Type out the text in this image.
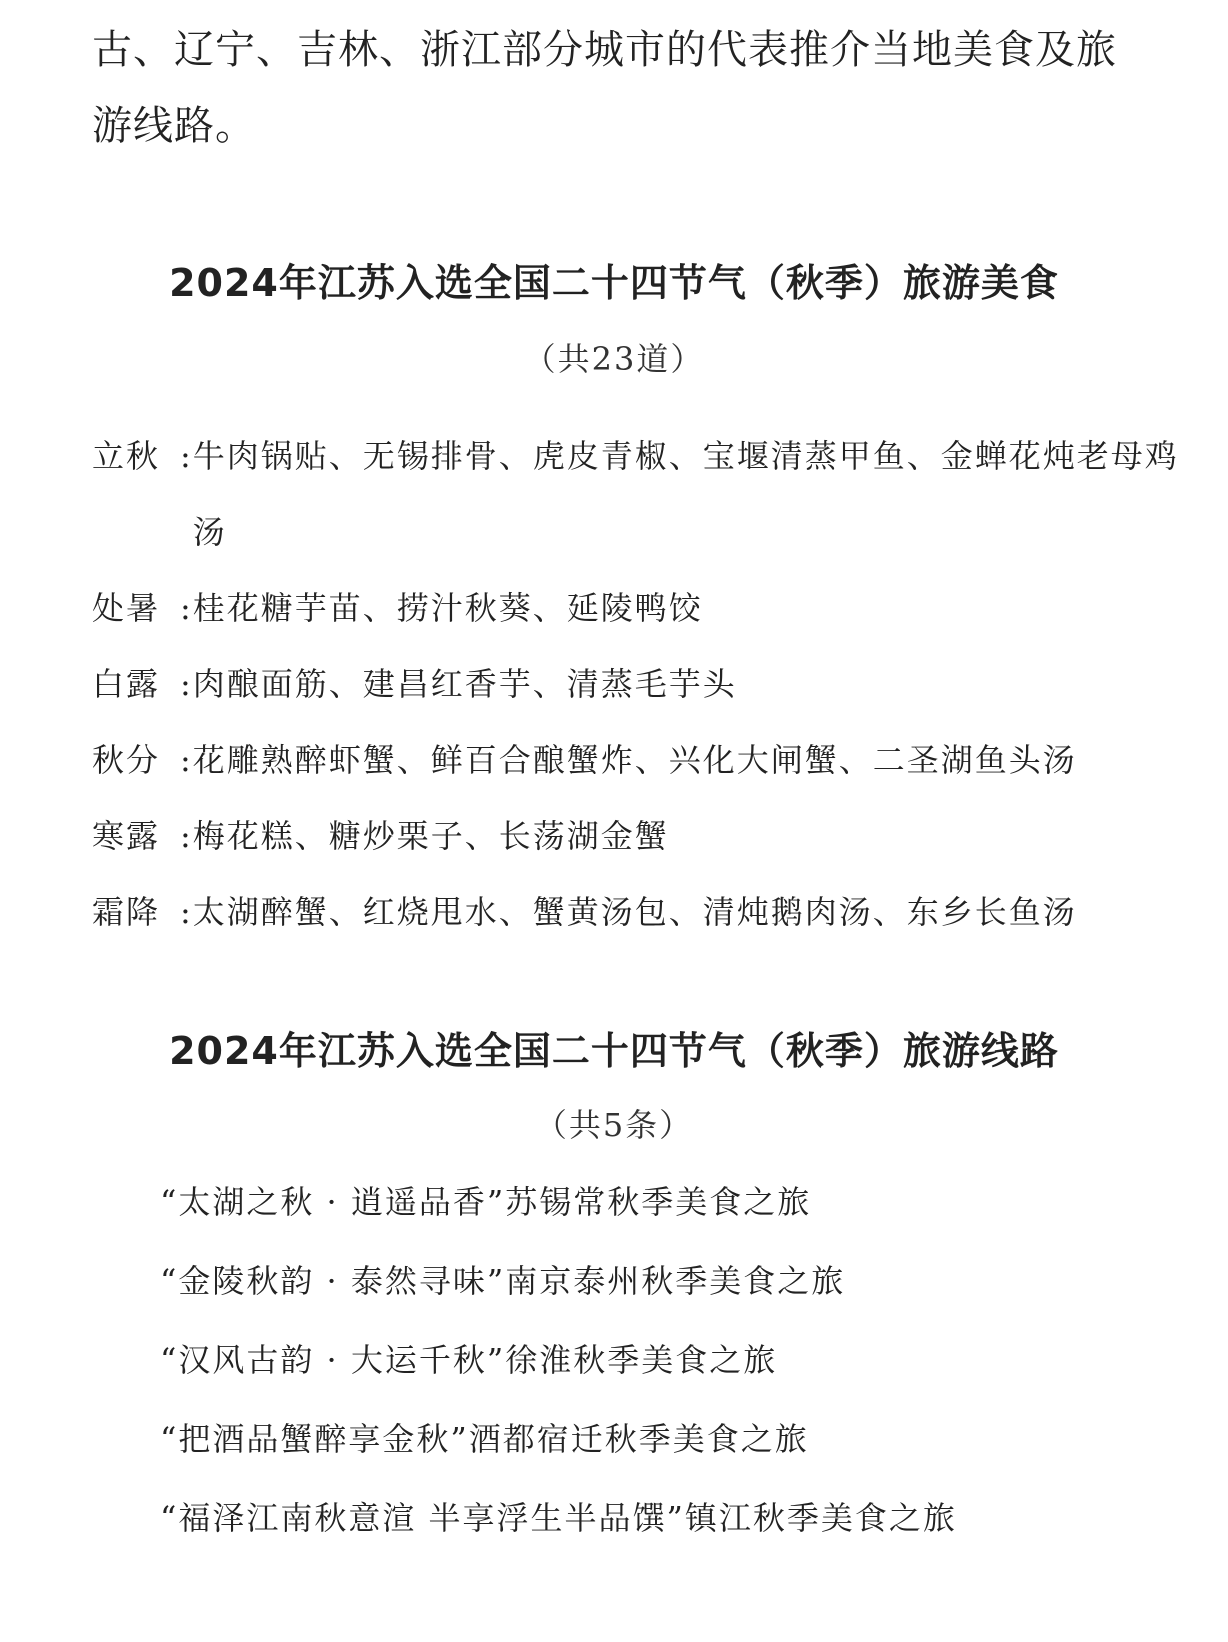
古、辽宁、吉林、浙江部分城市的代表推介当地美食及旅

游线路。

2024年江苏入选全国二十四节气（秋季）旅游美食
（共23道）
立秋 : 牛肉锅贴、无锡排骨、虎皮青椒、宝堰清蒸甲鱼、金蝉花炖老母鸡汤
处暑 : 桂花糖芋苗、捞汁秋葵、延陵鸭饺
白露 : 肉酿面筋、建昌红香芋、清蒸毛芋头
秋分 : 花雕熟醉虾蟹、鲜百合酿蟹炸、兴化大闸蟹、二圣湖鱼头汤
寒露 : 梅花糕、糖炒栗子、长荡湖金蟹
霜降 : 太湖醉蟹、红烧甩水、蟹黄汤包、清炖鹅肉汤、东乡长鱼汤
2024年江苏入选全国二十四节气（秋季）旅游线路
（共5条）
“太湖之秋 · 逍遥品香”苏锡常秋季美食之旅
“金陵秋韵 · 泰然寻味”南京泰州秋季美食之旅
“汉风古韵 · 大运千秋”徐淮秋季美食之旅
“把酒品蟹醉享金秋”酒都宿迁秋季美食之旅
“福泽江南秋意渲 半享浮生半品馔”镇江秋季美食之旅
